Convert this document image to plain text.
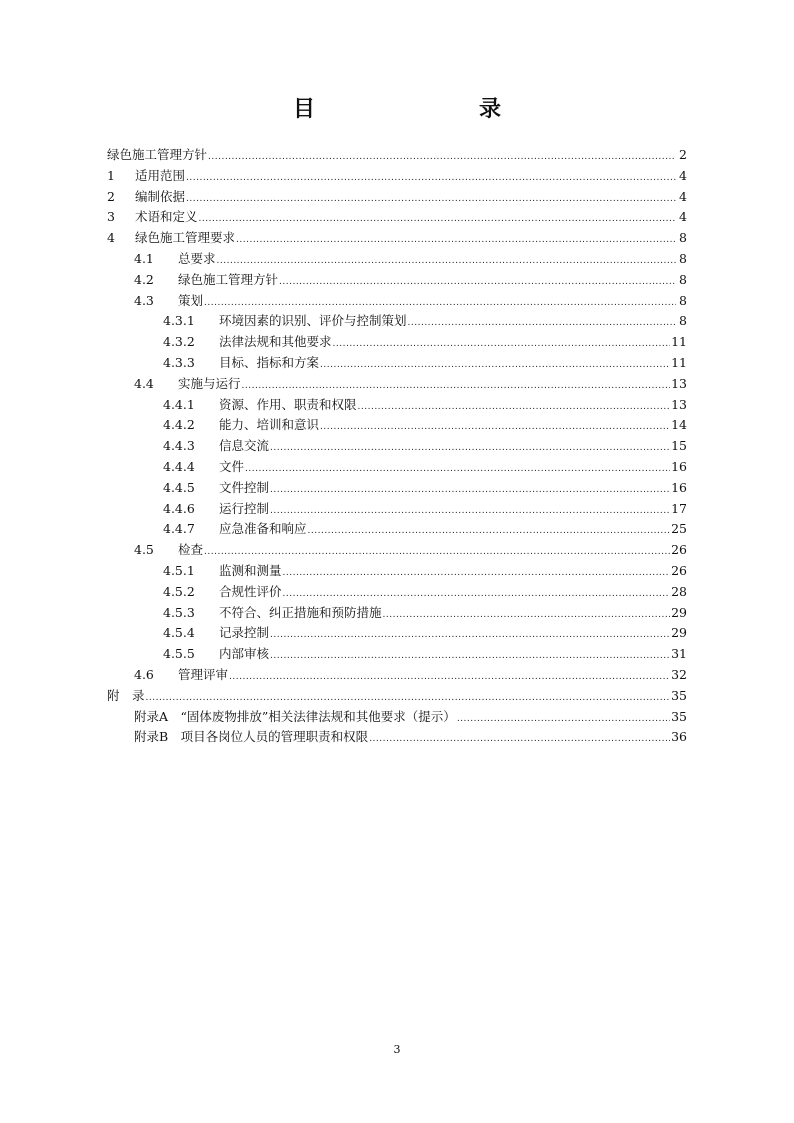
目　　录
绿色施工管理方针 .....	2
1	适用范围 .....	4
2	编制依据 .....	4
3	术语和定义 .....	4
4	绿色施工管理要求 .....	8
4.1	总要求 .....	8
4.2	绿色施工管理方针 .....	8
4.3	策划 .....	8
4.3.1	环境因素的识别、评价与控制策划 .....	8
4.3.2	法律法规和其他要求 .....	11
4.3.3	目标、指标和方案 .....	11
4.4	实施与运行 .....	13
4.4.1	资源、作用、职责和权限 .....	13
4.4.2	能力、培训和意识 .....	14
4.4.3	信息交流 .....	15
4.4.4	文件 .....	16
4.4.5	文件控制 .....	16
4.4.6	运行控制 .....	17
4.4.7	应急准备和响应 .....	25
4.5	检查 .....	26
4.5.1	监测和测量 .....	26
4.5.2	合规性评价 .....	28
4.5.3	不符合、纠正措施和预防措施 .....	29
4.5.4	记录控制 .....	29
4.5.5	内部审核 .....	31
4.6	管理评审 .....	32
附　录 .....	35
附录A　“固体废物排放”相关法律法规和其他要求（提示） .....	35
附录B　项目各岗位人员的管理职责和权限 .....	36
3
